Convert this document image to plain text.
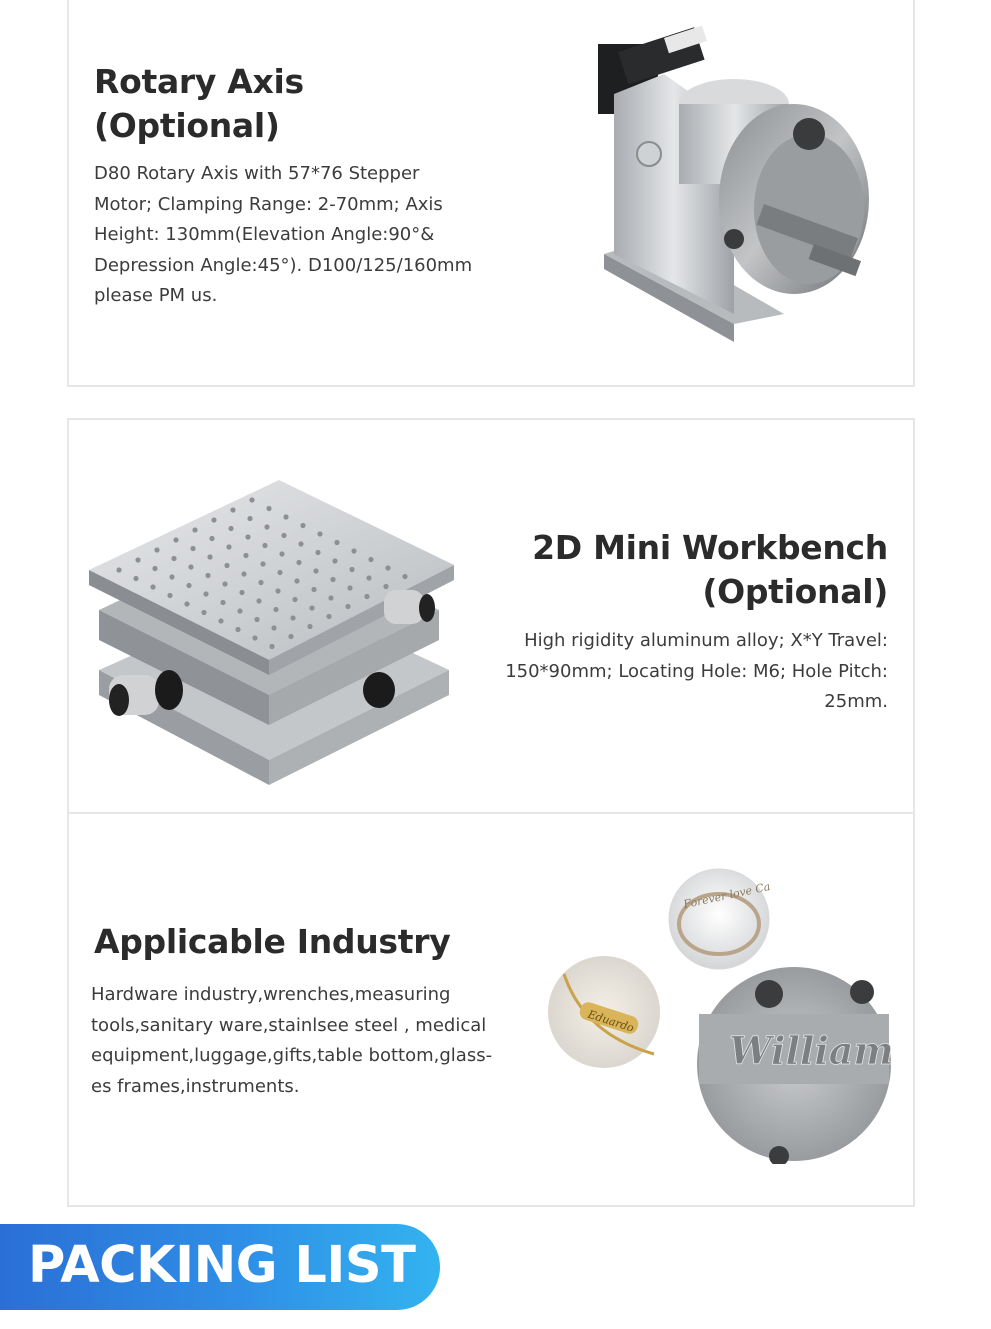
Rotary Axis
(Optional)
D80 Rotary Axis with 57*76 Stepper
Motor; Clamping Range: 2-70mm; Axis
Height: 130mm(Elevation Angle:90°&
Depression Angle:45°). D100/125/160mm
please PM us.
2D Mini Workbench
(Optional)
High rigidity aluminum alloy; X*Y Travel:
150*90mm; Locating Hole: M6; Hole Pitch:
25mm.
Applicable Industry
Hardware industry,wrenches,measuring
tools,sanitary ware,stainlsee steel , medical
equipment,luggage,gifts,table bottom,glass-
es frames,instruments.
Forever love Ca
Eduardo
William
PACKING LIST
